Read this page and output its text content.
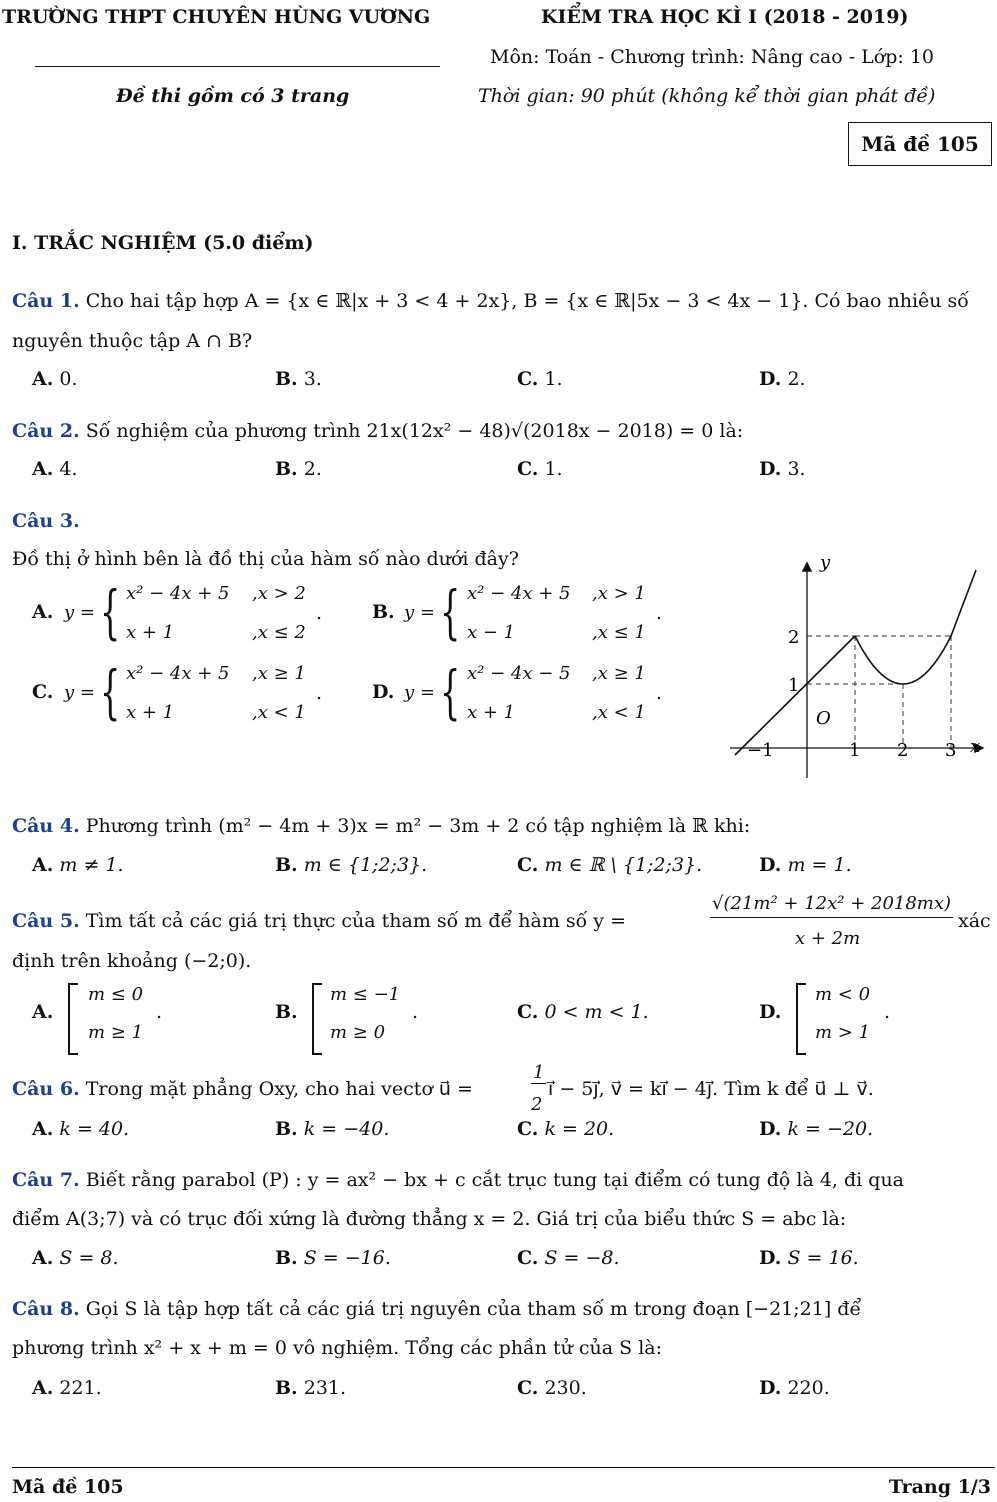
TRƯỜNG THPT CHUYÊN HÙNG VƯƠNG	KIỂM TRA HỌC KÌ I (2018 - 2019)
Môn: Toán - Chương trình: Nâng cao - Lớp: 10
Đề thi gồm có 3 trang	Thời gian: 90 phút (không kể thời gian phát đề)
Mã đề 105
I. TRẮC NGHIỆM (5.0 điểm)
Câu 1. Cho hai tập hợp A = {x ∈ ℝ|x + 3 < 4 + 2x}, B = {x ∈ ℝ|5x − 3 < 4x − 1}. Có bao nhiêu số
nguyên thuộc tập A ∩ B?
A. 0.	B. 3.	C. 1.	D. 2.
Câu 2. Số nghiệm của phương trình 21x(12x² − 48)√(2018x − 2018) = 0 là:
A. 4.	B. 2.	C. 1.	D. 3.
Câu 3.
Đồ thị ở hình bên là đồ thị của hàm số nào dưới đây?
A. y = { x² − 4x + 5 ,x > 2
x + 1	,x ≤ 2
.	B. y = { x² − 4x + 5 ,x > 1
x − 1	,x ≤ 1
.
C. y = { x² − 4x + 5 ,x ≥ 1
x + 1	,x < 1
.	D. y = { x² − 4x − 5 ,x ≥ 1
x + 1	,x < 1
.
y
x
O
−1	1 2 3
2
1
Câu 4. Phương trình (m² − 4m + 3)x = m² − 3m + 2 có tập nghiệm là ℝ khi:
A. m ≠ 1.	B. m ∈ {1;2;3}.	C. m ∈ ℝ \ {1;2;3}.	D. m = 1.
Câu 5. Tìm tất cả các giá trị thực của tham số m để hàm số y =
√(21m² + 12x² + 2018mx)
x + 2m
xác
định trên khoảng (−2;0).
A.
m ≤ 0
m ≥ 1
.	B.
m ≤ −1
m ≥ 0
.	C. 0 < m < 1.	D.
m < 0
m > 1
.
Câu 6. Trong mặt phẳng Oxy, cho hai vectơ u⃗ =
1
2
i⃗ − 5j⃗, v⃗ = ki⃗ − 4j⃗. Tìm k để u⃗ ⊥ v⃗.
A. k = 40.	B. k = −40.	C. k = 20.	D. k = −20.
Câu 7. Biết rằng parabol (P) : y = ax² − bx + c cắt trục tung tại điểm có tung độ là 4, đi qua
điểm A(3;7) và có trục đối xứng là đường thẳng x = 2. Giá trị của biểu thức S = abc là:
A. S = 8.	B. S = −16.	C. S = −8.	D. S = 16.
Câu 8. Gọi S là tập hợp tất cả các giá trị nguyên của tham số m trong đoạn [−21;21] để
phương trình x² + x + m = 0 vô nghiệm. Tổng các phần tử của S là:
A. 221.	B. 231.	C. 230.	D. 220.
Mã đề 105	Trang 1/3
